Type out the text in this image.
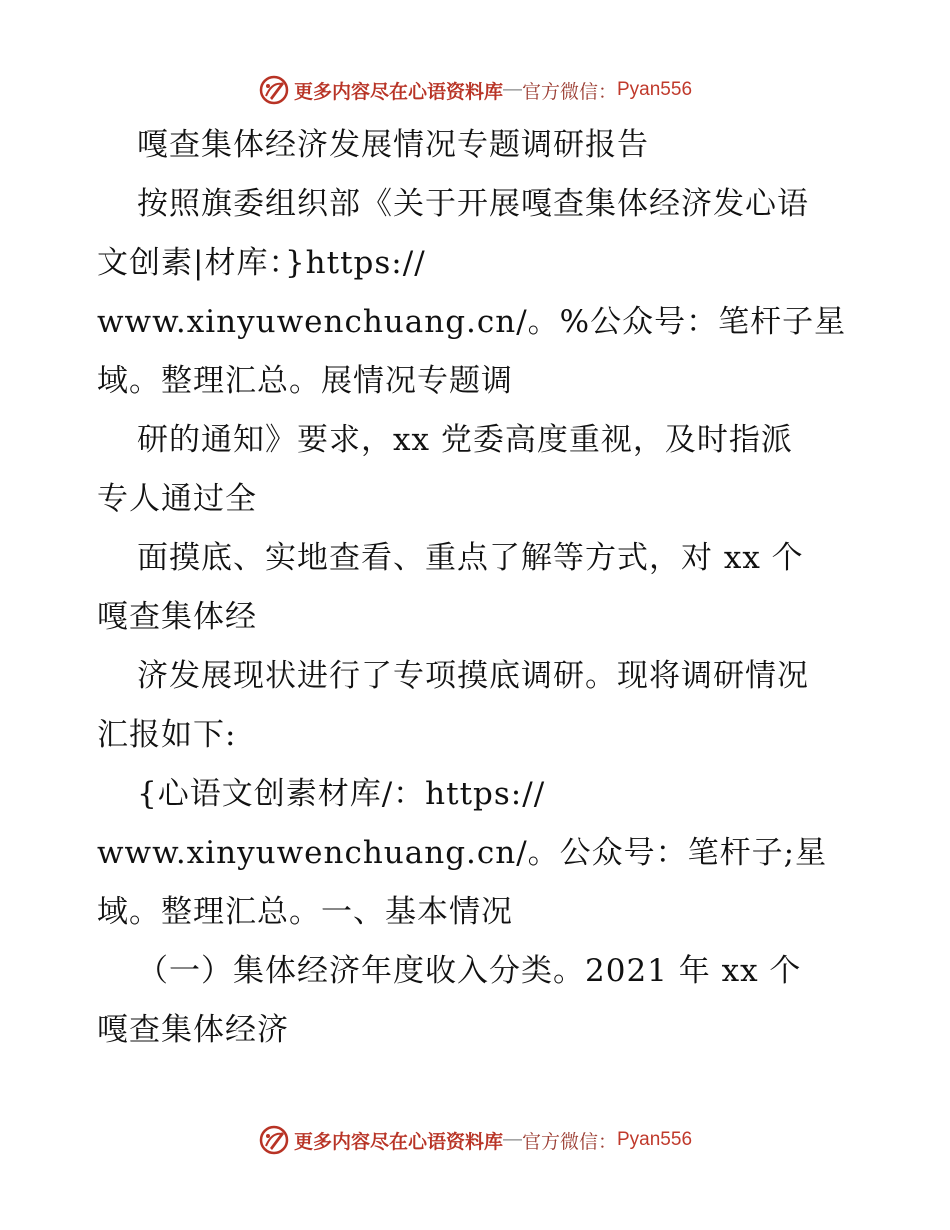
更多内容尽在心语资料库 — 官方微信： Pyan556
嘎查集体经济发展情况专题调研报告
按照旗委组织部《关于开展嘎查集体经济发心语
文创素|材库：}https://
www.xinyuwenchuang.cn/。%公众号：笔杆子星
域。整理汇总。展情况专题调
研的通知》要求，xx 党委高度重视，及时指派
专人通过全
面摸底、实地查看、重点了解等方式，对 xx 个
嘎查集体经
济发展现状进行了专项摸底调研。现将调研情况
汇报如下:
{心语文创素材库/：https://
www.xinyuwenchuang.cn/。公众号：笔杆子;星
域。整理汇总。一、基本情况
（一）集体经济年度收入分类。2021 年 xx 个
嘎查集体经济
更多内容尽在心语资料库 — 官方微信： Pyan556
